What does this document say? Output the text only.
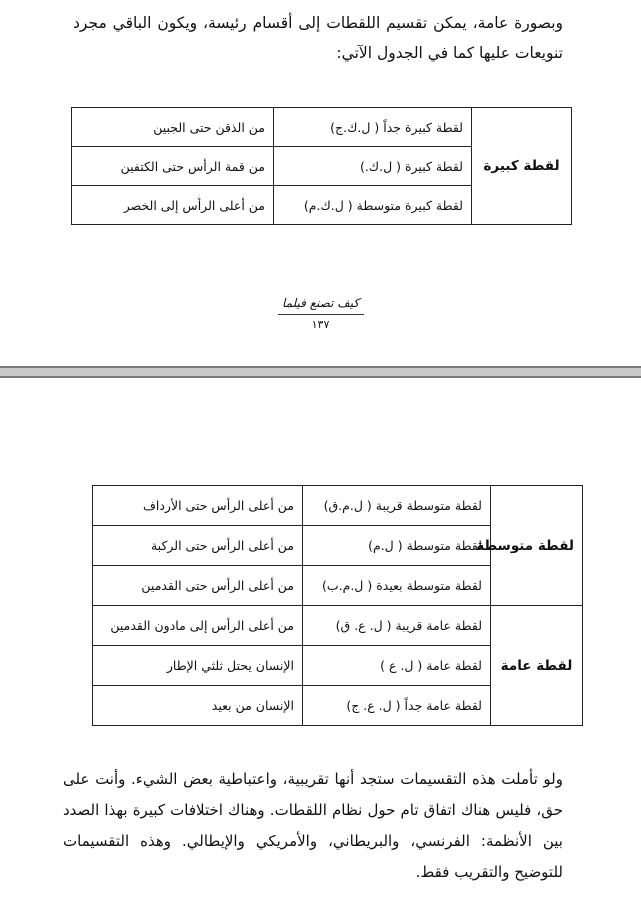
وبصورة عامة، يمكن تقسيم اللقطات إلى أقسام رئيسة، ويكون الباقي مجرد تنويعات عليها كما في الجدول الآتي:

لقطة كبيرة	لقطة كبيرة جداً ( ل.ك.ج)	من الذقن حتى الجبين
	لقطة كبيرة ( ل.ك.)	من قمة الرأس حتى الكتفين
	لقطة كبيرة متوسطة ( ل.ك.م)	من أعلى الرأس إلى الخصر
كيف تصنع فيلما
١٣٧
لقطة متوسطة	لقطة متوسطة قريبة ( ل.م.ق)	من أعلى الرأس حتى الأرداف
	لقطة متوسطة ( ل.م)	من أعلى الرأس حتى الركبة
	لقطة متوسطة بعيدة ( ل.م.ب)	من أعلى الرأس حتى القدمين
لقطة عامة	لقطة عامة قريبة ( ل. ع. ق)	من أعلى الرأس إلى مادون القدمين
	لقطة عامة ( ل. ع )	الإنسان يحتل ثلثي الإطار
	لقطة عامة جداً ( ل. ع. ج)	الإنسان من بعيد

ولو تأملت هذه التقسيمات ستجد أنها تقريبية، واعتباطية بعض الشيء. وأنت على حق، فليس هناك اتفاق تام حول نظام اللقطات. وهناك اختلافات كبيرة بهذا الصدد بين الأنظمة: الفرنسي، والبريطاني، والأمريكي والإيطالي. وهذه التقسيمات للتوضيح والتقريب فقط.
